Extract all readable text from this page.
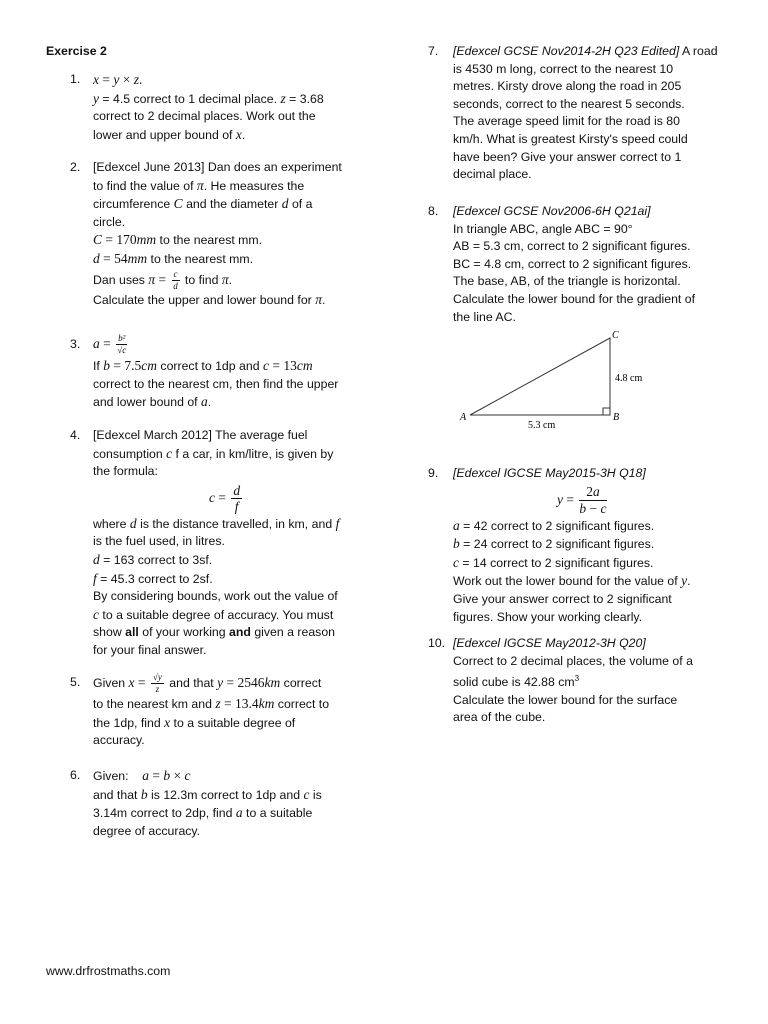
Exercise 2
1. x = y × z.
y = 4.5 correct to 1 decimal place. z = 3.68
correct to 2 decimal places. Work out the
lower and upper bound of x.
2. [Edexcel June 2013] Dan does an experiment
to find the value of π. He measures the
circumference C and the diameter d of a
circle.
C = 170mm to the nearest mm.
d = 54mm to the nearest mm.
Dan uses $\pi = \frac{c}{d}$ to find π.
Calculate the upper and lower bound for π.
3. $a = \frac{\text{b²}}{√c}$
If b = 7.5cm correct to 1dp and c = 13cm
correct to the nearest cm, then find the upper
and lower bound of a.
4. [Edexcel March 2012] The average fuel
consumption c f a car, in km/litre, is given by
the formula:
$c = \frac{d}{f}$
where d is the distance travelled, in km, and f
is the fuel used, in litres.
d = 163 correct to 3sf.
f = 45.3 correct to 2sf.
By considering bounds, work out the value of
c to a suitable degree of accuracy. You must
show all of your working and given a reason
for your final answer.
5. Given $x = \frac{√y}{z}$ and that y = 2546km correct
to the nearest km and z = 13.4km correct to
the 1dp, find x to a suitable degree of
accuracy.
6. Given:    a = b × c
and that b is 12.3m correct to 1dp and c is
3.14m correct to 2dp, find a to a suitable
degree of accuracy.
7. [Edexcel GCSE Nov2014-2H Q23 Edited] A road
is 4530 m long, correct to the nearest 10
metres. Kirsty drove along the road in 205
seconds, correct to the nearest 5 seconds.
The average speed limit for the road is 80
km/h. What is greatest Kirsty's speed could
have been? Give your answer correct to 1
decimal place.
8. [Edexcel GCSE Nov2006-6H Q21ai]
In triangle ABC, angle ABC = 90°
AB = 5.3 cm, correct to 2 significant figures.
BC = 4.8 cm, correct to 2 significant figures.
The base, AB, of the triangle is horizontal.
Calculate the lower bound for the gradient of
the line AC.
A	B
C
4.8 cm
5.3 cm
9. [Edexcel IGCSE May2015-3H Q18]
$y = \frac{2a}{b - c}$
a = 42 correct to 2 significant figures.
b = 24 correct to 2 significant figures.
c = 14 correct to 2 significant figures.
Work out the lower bound for the value of y.
Give your answer correct to 2 significant
figures. Show your working clearly.
10. [Edexcel IGCSE May2012-3H Q20]
Correct to 2 decimal places, the volume of a
solid cube is 42.88 $cm^3$
Calculate the lower bound for the surface
area of the cube.
www.drfrostmaths.com
